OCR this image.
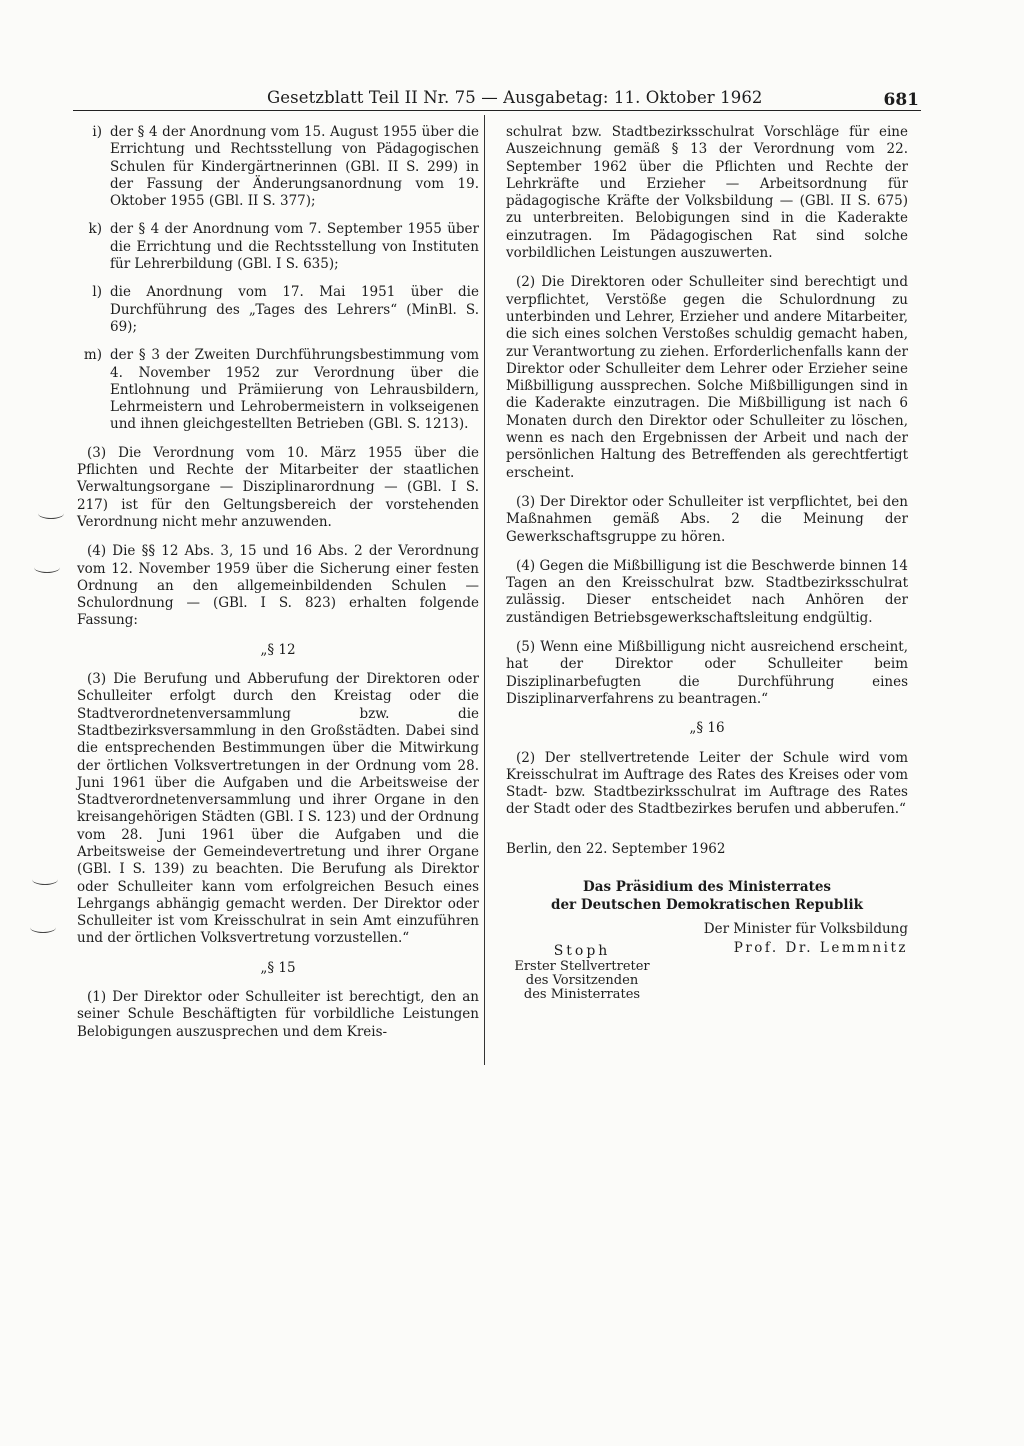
Gesetzblatt Teil II Nr. 75 — Ausgabetag: 11. Oktober 1962	681
i) der § 4 der Anordnung vom 15. August 1955 über die Errichtung und Rechtsstellung von Pädagogischen Schulen für Kindergärtnerinnen (GBl. II S. 299) in der Fassung der Änderungsanordnung vom 19. Oktober 1955 (GBl. II S. 377);
k) der § 4 der Anordnung vom 7. September 1955 über die Errichtung und die Rechtsstellung von Instituten für Lehrerbildung (GBl. I S. 635);
l) die Anordnung vom 17. Mai 1951 über die Durchführung des „Tages des Lehrers“ (MinBl. S. 69);
m) der § 3 der Zweiten Durchführungsbestimmung vom 4. November 1952 zur Verordnung über die Entlohnung und Prämiierung von Lehrausbildern, Lehrmeistern und Lehrobermeistern in volkseigenen und ihnen gleichgestellten Betrieben (GBl. S. 1213).

(3) Die Verordnung vom 10. März 1955 über die Pflichten und Rechte der Mitarbeiter der staatlichen Verwaltungsorgane — Disziplinarordnung — (GBl. I S. 217) ist für den Geltungsbereich der vorstehenden Verordnung nicht mehr anzuwenden.

(4) Die §§ 12 Abs. 3, 15 und 16 Abs. 2 der Verordnung vom 12. November 1959 über die Sicherung einer festen Ordnung an den allgemeinbildenden Schulen — Schulordnung — (GBl. I S. 823) erhalten folgende Fassung:

„§ 12

(3) Die Berufung und Abberufung der Direktoren oder Schulleiter erfolgt durch den Kreistag oder die Stadtverordnetenversammlung bzw. die Stadtbezirksversammlung in den Großstädten. Dabei sind die entsprechenden Bestimmungen über die Mitwirkung der örtlichen Volksvertretungen in der Ordnung vom 28. Juni 1961 über die Aufgaben und die Arbeitsweise der Stadtverordnetenversammlung und ihrer Organe in den kreisangehörigen Städten (GBl. I S. 123) und der Ordnung vom 28. Juni 1961 über die Aufgaben und die Arbeitsweise der Gemeindevertretung und ihrer Organe (GBl. I S. 139) zu beachten. Die Berufung als Direktor oder Schulleiter kann vom erfolgreichen Besuch eines Lehrgangs abhängig gemacht werden. Der Direktor oder Schulleiter ist vom Kreisschulrat in sein Amt einzuführen und der örtlichen Volksvertretung vorzustellen.“

„§ 15

(1) Der Direktor oder Schulleiter ist berechtigt, den an seiner Schule Beschäftigten für vorbildliche Leistungen Belobigungen auszusprechen und dem Kreis-

schulrat bzw. Stadtbezirksschulrat Vorschläge für eine Auszeichnung gemäß § 13 der Verordnung vom 22. September 1962 über die Pflichten und Rechte der Lehrkräfte und Erzieher — Arbeitsordnung für pädagogische Kräfte der Volksbildung — (GBl. II S. 675) zu unterbreiten. Belobigungen sind in die Kaderakte einzutragen. Im Pädagogischen Rat sind solche vorbildlichen Leistungen auszuwerten.

(2) Die Direktoren oder Schulleiter sind berechtigt und verpflichtet, Verstöße gegen die Schulordnung zu unterbinden und Lehrer, Erzieher und andere Mitarbeiter, die sich eines solchen Verstoßes schuldig gemacht haben, zur Verantwortung zu ziehen. Erforderlichenfalls kann der Direktor oder Schulleiter dem Lehrer oder Erzieher seine Mißbilligung aussprechen. Solche Mißbilligungen sind in die Kaderakte einzutragen. Die Mißbilligung ist nach 6 Monaten durch den Direktor oder Schulleiter zu löschen, wenn es nach den Ergebnissen der Arbeit und nach der persönlichen Haltung des Betreffenden als gerechtfertigt erscheint.

(3) Der Direktor oder Schulleiter ist verpflichtet, bei den Maßnahmen gemäß Abs. 2 die Meinung der Gewerkschaftsgruppe zu hören.

(4) Gegen die Mißbilligung ist die Beschwerde binnen 14 Tagen an den Kreisschulrat bzw. Stadtbezirksschulrat zulässig. Dieser entscheidet nach Anhören der zuständigen Betriebsgewerkschaftsleitung endgültig.

(5) Wenn eine Mißbilligung nicht ausreichend erscheint, hat der Direktor oder Schulleiter beim Disziplinarbefugten die Durchführung eines Disziplinarverfahrens zu beantragen.“

„§ 16

(2) Der stellvertretende Leiter der Schule wird vom Kreisschulrat im Auftrage des Rates des Kreises oder vom Stadt- bzw. Stadtbezirksschulrat im Auftrage des Rates der Stadt oder des Stadtbezirkes berufen und abberufen.“

Berlin, den 22. September 1962

Das Präsidium des Ministerrates
der Deutschen Demokratischen Republik
Der Minister für Volksbildung
Prof. Dr. Lemmnitz
Stoph
Erster Stellvertreter
des Vorsitzenden
des Ministerrates
